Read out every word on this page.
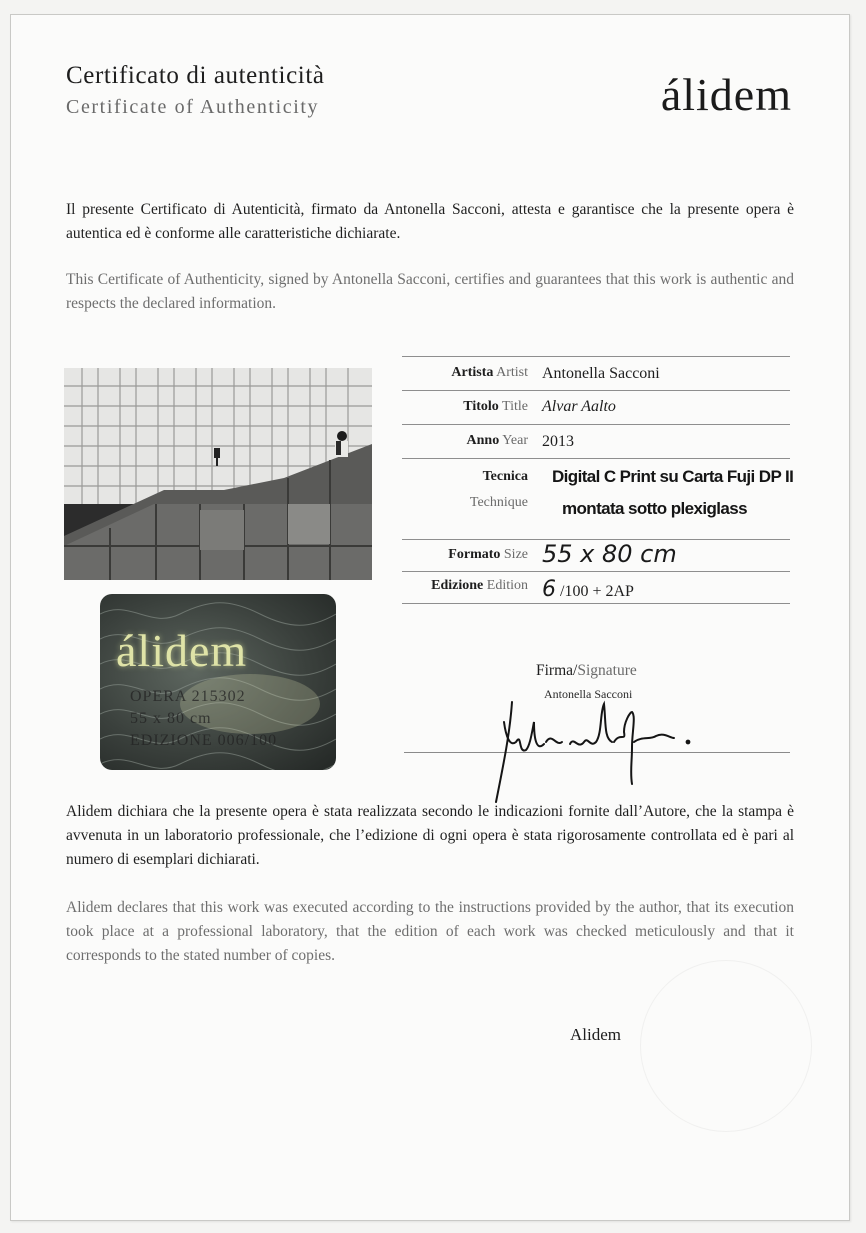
Certificato di autenticità
Certificate of Authenticity	álidem
Il presente Certificato di Autenticità, firmato da Antonella Sacconi, attesta e garantisce che la presente opera è autentica ed è conforme alle caratteristiche dichiarate.
This Certificate of Authenticity, signed by Antonella Sacconi, certifies and guarantees that this work is authentic and respects the declared information.
álidem
OPERA 215302
55 x 80 cm
EDIZIONE 006/100
Artista Artist Antonella Sacconi
Titolo Title Alvar Aalto
Anno Year 2013
Tecnica
Technique
Digital C Print su Carta Fuji DP II
montata sotto plexiglass
Formato Size 55 x 80 cm
Edizione Edition 6 /100 + 2AP
Firma/Signature
Antonella Sacconi
Alidem dichiara che la presente opera è stata realizzata secondo le indicazioni fornite dall’Autore, che la stampa è avvenuta in un laboratorio professionale, che l’edizione di ogni opera è stata rigorosamente controllata ed è pari al numero di esemplari dichiarati.
Alidem declares that this work was executed according to the instructions provided by the author, that its execution took place at a professional laboratory, that the edition of each work was checked meticulously and that it corresponds to the stated number of copies.
Alidem
